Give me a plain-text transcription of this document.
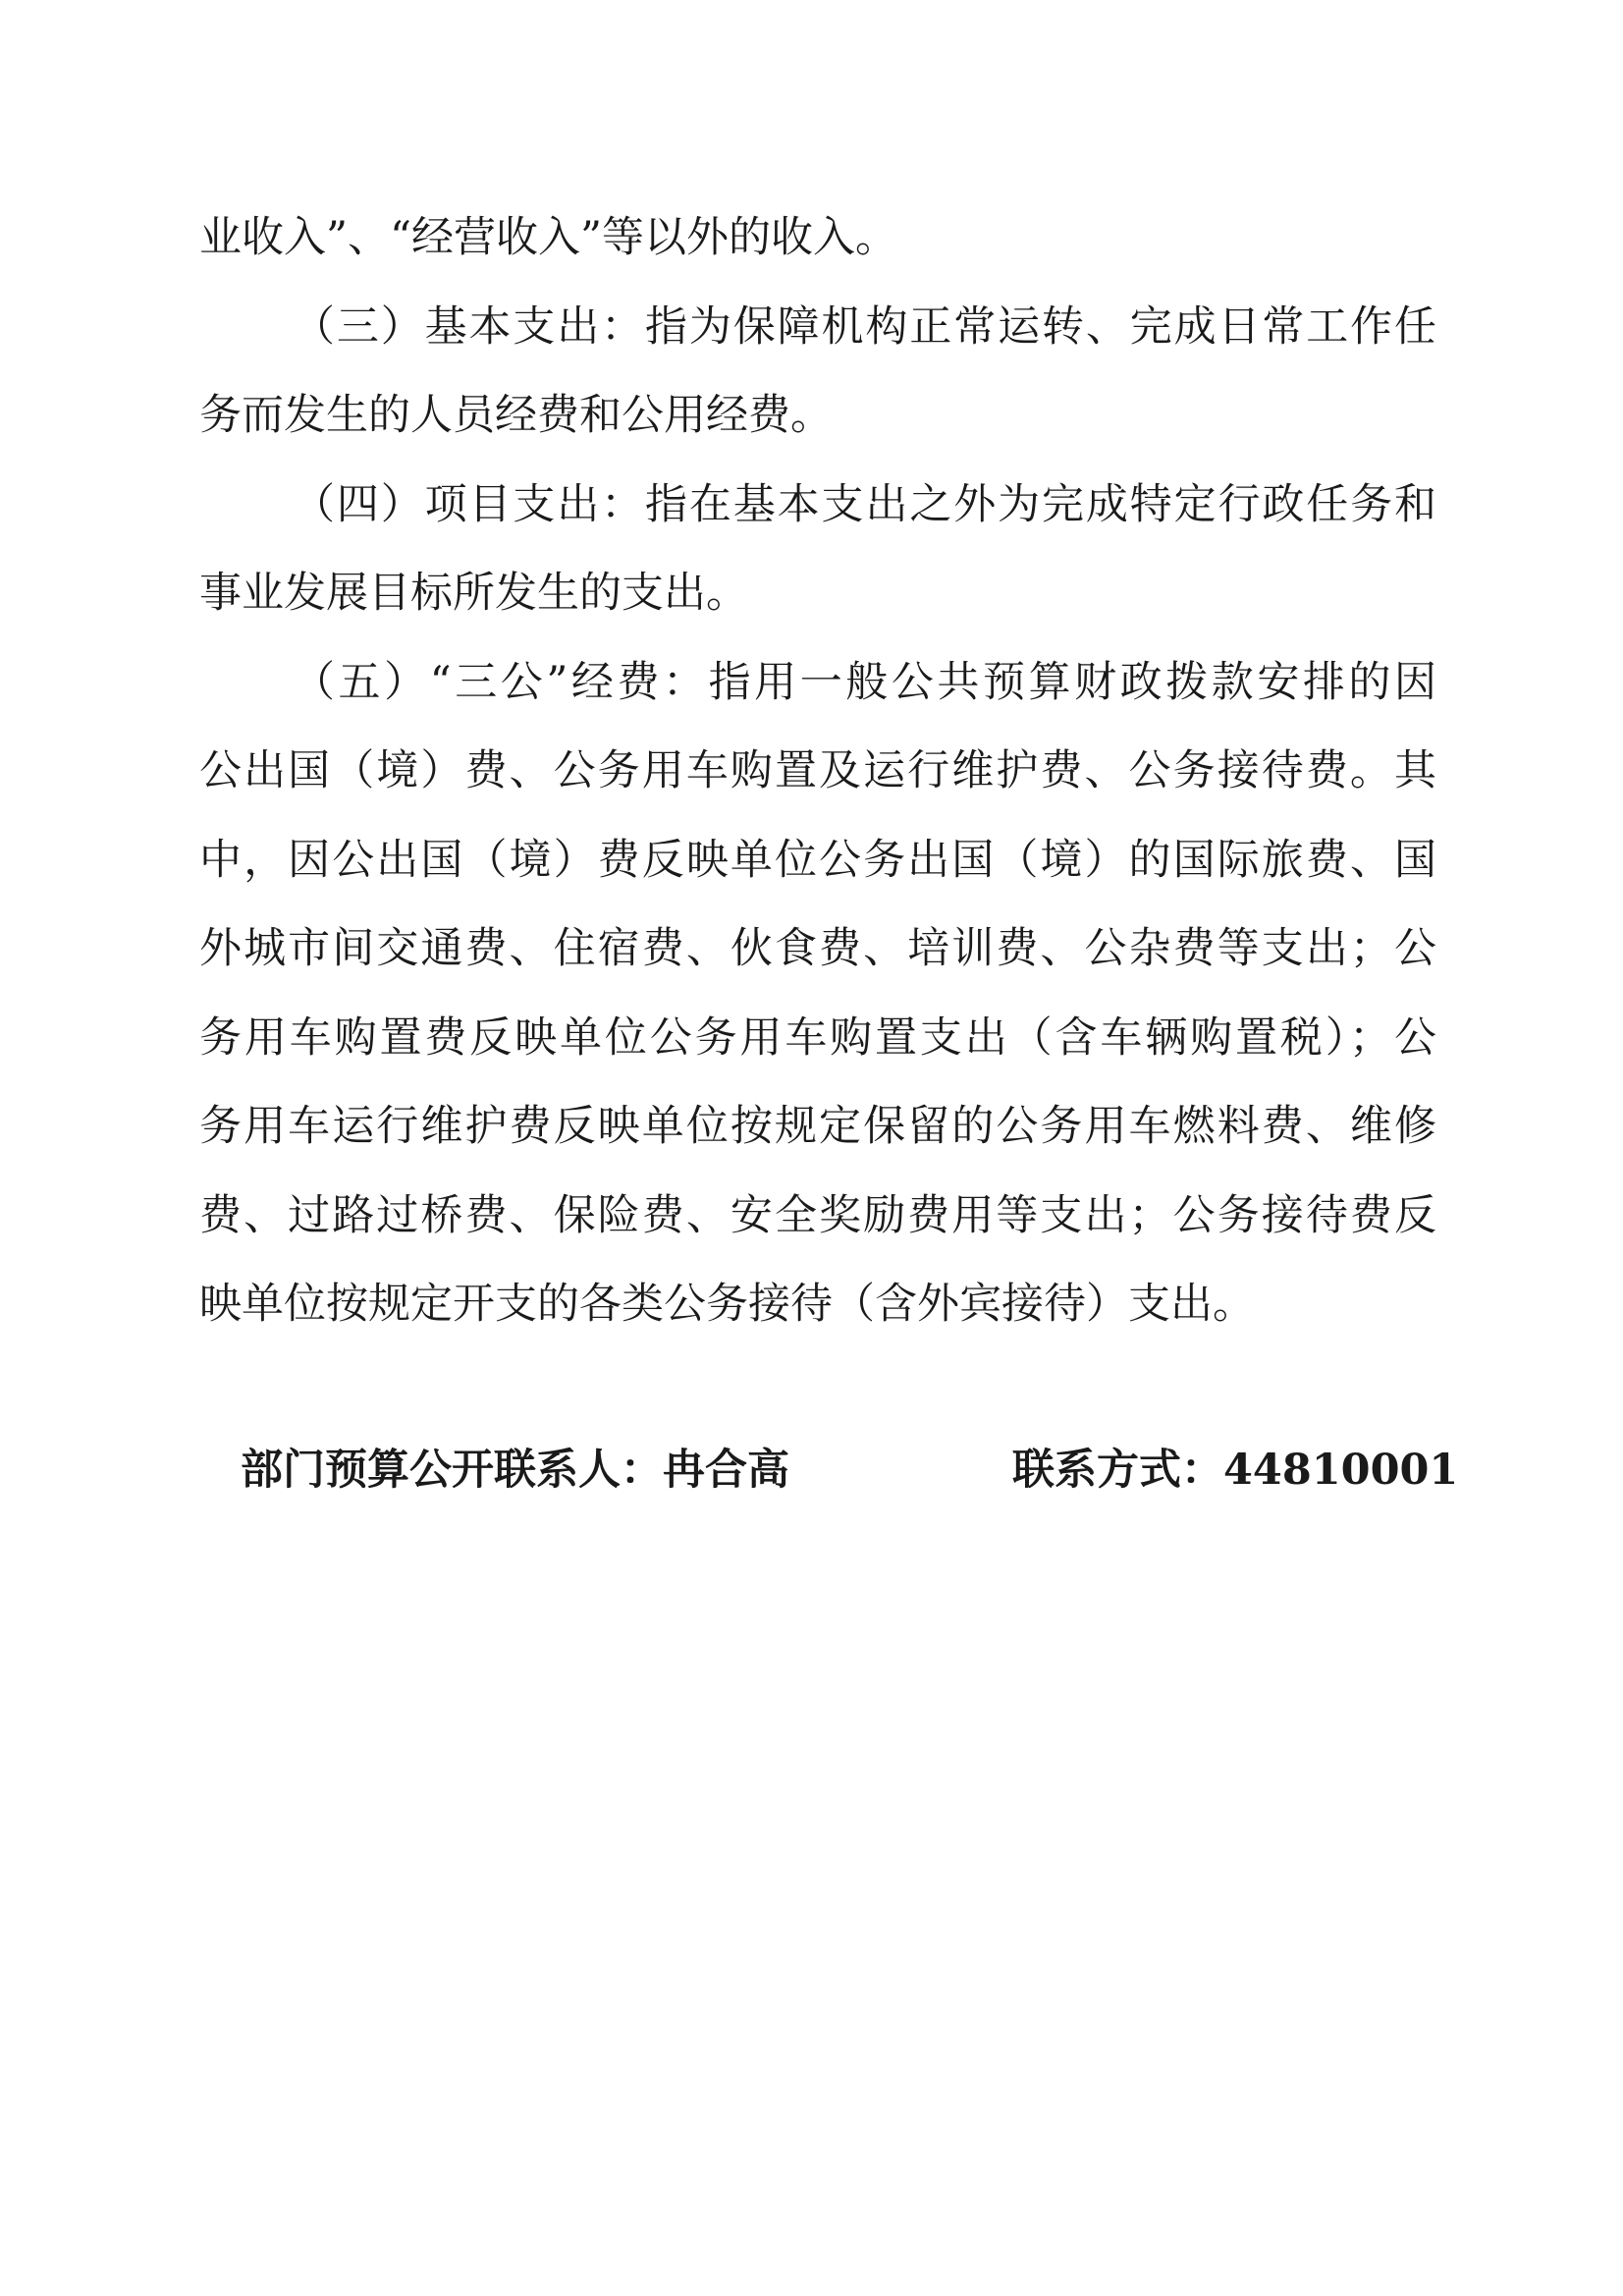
业收入”、“经营收入”等以外的收入。
（三）基本支出：指为保障机构正常运转、完成日常工作任
务而发生的人员经费和公用经费。
（四）项目支出：指在基本支出之外为完成特定行政任务和
事业发展目标所发生的支出。
（五）“三公”经费：指用一般公共预算财政拨款安排的因
公出国（境）费、公务用车购置及运行维护费、公务接待费。其
中，因公出国（境）费反映单位公务出国（境）的国际旅费、国
外城市间交通费、住宿费、伙食费、培训费、公杂费等支出；公
务用车购置费反映单位公务用车购置支出（含车辆购置税）；公
务用车运行维护费反映单位按规定保留的公务用车燃料费、维修
费、过路过桥费、保险费、安全奖励费用等支出；公务接待费反
映单位按规定开支的各类公务接待（含外宾接待）支出。
部门预算公开联系人：冉合高	联系方式：44810001
